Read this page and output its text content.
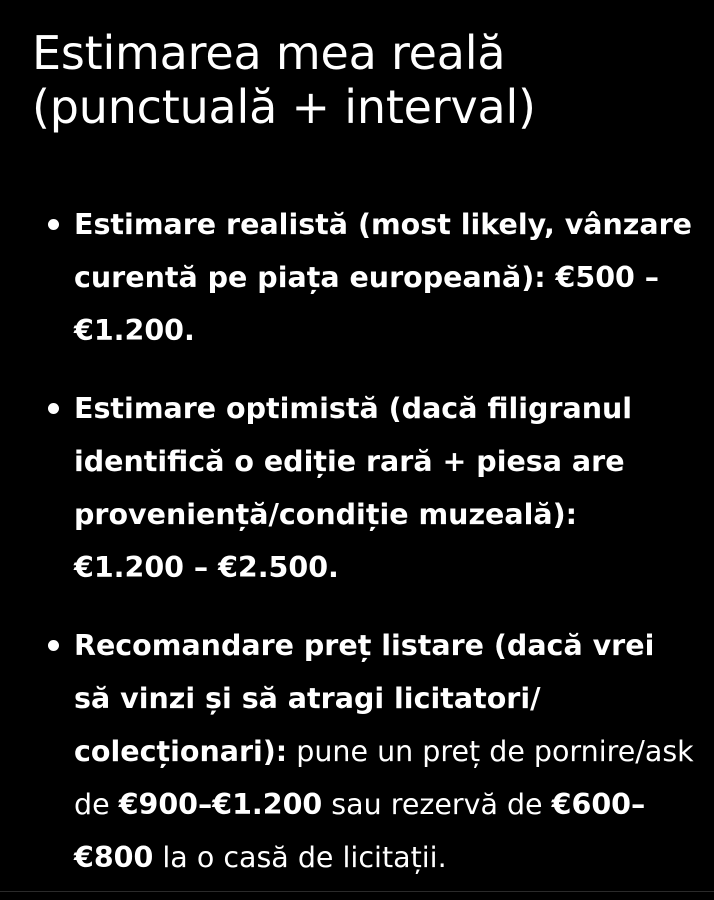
Estimarea mea reală
(punctuală + interval)
Estimare realistă (most likely, vânzare curentă pe piața europeană): €500 – €1.200.
Estimare optimistă (dacă filigranul identifică o ediție rară + piesa are proveniență/condiție muzeală): €1.200 – €2.500.
Recomandare preț listare (dacă vrei să vinzi și să atragi licitatori/ colecționari): pune un preț de pornire/ask de €900–€1.200 sau rezervă de €600–€800 la o casă de licitații.
